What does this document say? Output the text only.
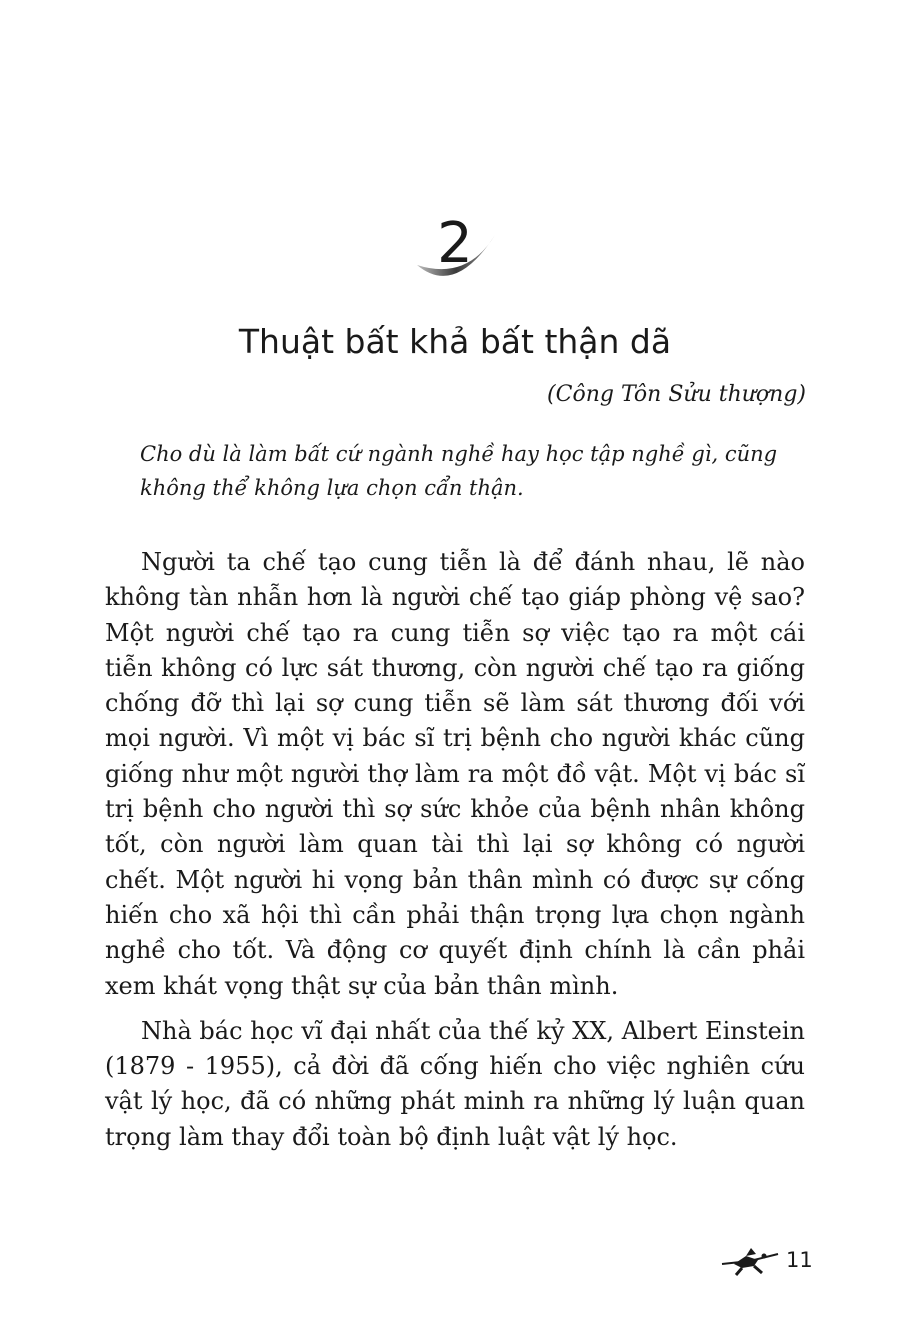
2
Thuật bất khả bất thận dã
(Công Tôn Sửu thượng)

Cho dù là làm bất cứ ngành nghề hay học tập nghề gì, cũng không thể không lựa chọn cẩn thận.

Người ta chế tạo cung tiễn là để đánh nhau, lẽ nào không tàn nhẫn hơn là người chế tạo giáp phòng vệ sao? Một người chế tạo ra cung tiễn sợ việc tạo ra một cái tiễn không có lực sát thương, còn người chế tạo ra giống chống đỡ thì lại sợ cung tiễn sẽ làm sát thương đối với mọi người. Vì một vị bác sĩ trị bệnh cho người khác cũng giống như một người thợ làm ra một đồ vật. Một vị bác sĩ trị bệnh cho người thì sợ sức khỏe của bệnh nhân không tốt, còn người làm quan tài thì lại sợ không có người chết. Một người hi vọng bản thân mình có được sự cống hiến cho xã hội thì cần phải thận trọng lựa chọn ngành nghề cho tốt. Và động cơ quyết định chính là cần phải xem khát vọng thật sự của bản thân mình.

Nhà bác học vĩ đại nhất của thế kỷ XX, Albert Einstein (1879 - 1955), cả đời đã cống hiến cho việc nghiên cứu vật lý học, đã có những phát minh ra những lý luận quan trọng làm thay đổi toàn bộ định luật vật lý học.

11
